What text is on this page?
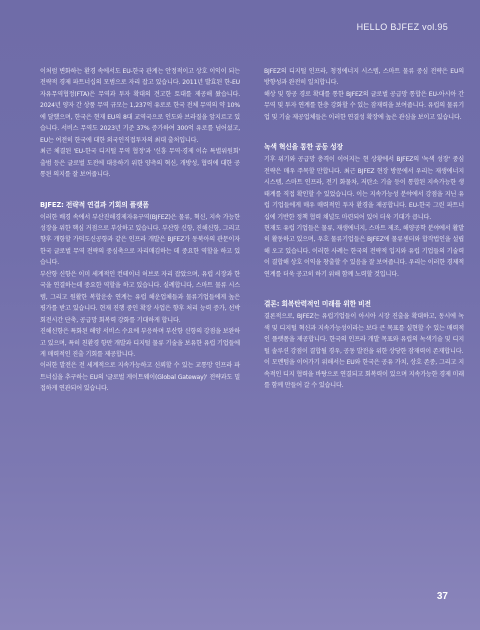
HELLO BJFEZ vol.95

이처럼 변화하는 환경 속에서도 EU-한국 관계는 안정적이고 상호 이익이 되는 전략적 경제 파트너십의 모범으로 자리 잡고 있습니다. 2011년 발효된 한-EU 자유무역협정(FTA)은 무역과 투자 확대의 견고한 토대를 제공해 왔습니다. 2024년 양자 간 상품 무역 규모는 1,237억 유로로 한국 전체 무역의 약 10%에 달했으며, 한국은 현재 EU의 8대 교역국으로 인도와 브라질을 앞지르고 있습니다. 서비스 무역도 2023년 기준 37% 증가하여 300억 유로를 넘어섰고, EU는 여전히 한국에 대한 외국인직접투자의 최대 출처입니다.

최근 체결된 'EU-한국 디지털 무역 협정'과 '신흥 무역·경제 이슈 특별위원회' 출범 등은 글로벌 도전에 대응하기 위한 양측의 혁신, 개방성, 협력에 대한 공통된 의지를 잘 보여줍니다.

BJFEZ: 전략적 연결과 기회의 플랫폼

이러한 배경 속에서 부산진해경제자유구역(BJFEZ)은 물류, 혁신, 지속 가능한 성장을 위한 핵심 거점으로 부상하고 있습니다. 부산항 신항, 진해신항, 그리고 향후 개항할 가덕도신공항과 같은 인프라 개발은 BJFEZ가 동북아의 관문이자 한국 글로벌 무역 전략의 중심축으로 자리매김하는 데 중요한 역할을 하고 있습니다.

부산항 신항은 이미 세계적인 컨테이너 허브로 자리 잡았으며, 유럽 시장과 한국을 연결하는데 중요한 역할을 하고 있습니다. 실례합니다, 스마트 물류 시스템, 그리고 원활한 복합운송 연계는 유럽 해운업체들과 물류기업들에게 높은 평가를 받고 있습니다. 현재 진행 중인 확장 사업은 향후 처리 능력 증가, 선박 회전시간 단축, 공급망 회복력 강화를 기대하게 합니다.

진해신항은 특화된 해양 서비스 수요에 부응하며 부산항 신항의 강점을 보완하고 있으며, 특히 친환경 항만 개발과 디지털 물류 기술을 보유한 유럽 기업들에게 매력적인 진출 기회를 제공합니다.

이러한 발전은 전 세계적으로 지속가능하고 신뢰할 수 있는 교통망 인프라 파트너십을 추구하는 EU의 '글로벌 게이트웨이(Global Gateway)' 전략과도 밀접하게 연관되어 있습니다.

BJFEZ의 디지털 인프라, 청정에너지 시스템, 스마트 물류 중심 전략은 EU의 방향성과 완전히 일치합니다.

해상 및 항공 경로 확대를 통한 BJFEZ의 글로벌 공급망 통합은 EU-아시아 간 무역 및 투자 연계를 한층 강화할 수 있는 잠재력을 보여줍니다. 유럽의 물류기업 및 기술 제공업체들은 이러한 연결성 확장에 높은 관심을 보이고 있습니다.

녹색 혁신을 통한 공동 성장

기후 위기와 공급망 충격이 이어지는 현 상황에서 BJFEZ의 '녹색 성장' 중심 전략은 매우 주목할 만합니다. 최근 BJFEZ 현장 방문에서 우리는 재생에너지 시스템, 스마트 인프라, 전기 화물차, 저탄소 기술 등이 통합된 지속가능한 생태계를 직접 확인할 수 있었습니다. 이는 지속가능성 분야에서 강점을 지닌 유럽 기업들에게 매우 매력적인 투자 환경을 제공합니다. EU-한국 그린 파트너십에 기반한 정책 협력 채널도 마련되어 있어 더욱 기대가 큽니다.

현재도 유럽 기업들은 물류, 재생에너지, 스마트 제조, 해양공학 분야에서 활발히 활동하고 있으며, 우호 물류기업들은 BJFEZ에 물류센터와 합작법인을 설립해 오고 있습니다. 이러한 사례는 한국의 전략적 입지와 유럽 기업들의 기술력이 결합해 상호 이익을 창출할 수 있음을 잘 보여줍니다. 우리는 이러한 경제적 연계를 더욱 공고히 하기 위해 함께 노력할 것입니다.

결론: 회복탄력적인 미래를 위한 비전

결론적으로, BJFEZ는 유럽기업들이 아시아 시장 진출을 확대하고, 동시에 녹색 및 디지털 혁신과 지속가능성이라는 보다 큰 목표를 실현할 수 있는 매력적인 플랫폼을 제공합니다. 한국의 인프라 개발 목표와 유럽의 녹색기술 및 디지털 솔루션 강점이 결합될 경우, 공동 발전을 위한 상당한 잠재력이 존재합니다.

이 모멘텀을 이어가기 위해서는 EU와 한국은 공유 가치, 상호 존중, 그리고 지속적인 디지 협력을 바탕으로 연결되고 회복력이 있으며 지속가능한 경제 미래를 함께 만들어 갈 수 있습니다.

37
